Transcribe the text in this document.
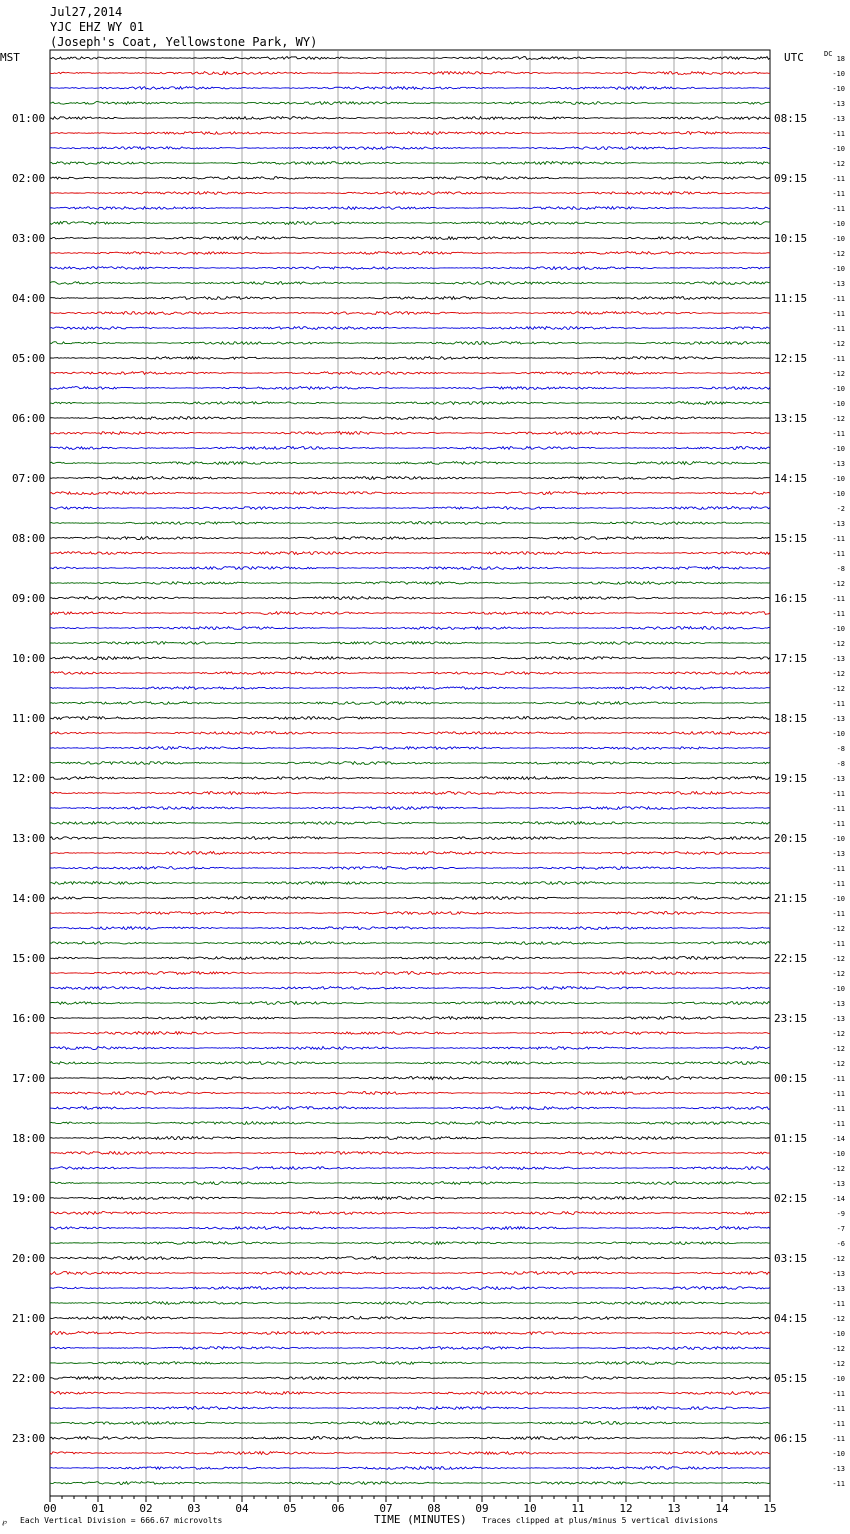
Jul27,2014
YJC EHZ WY 01
(Joseph's Coat, Yellowstone Park, WY)
MST	UTC	DC
01:00
02:00
03:00
04:00
05:00
06:00
07:00
08:00
09:00
10:00
11:00
12:00
13:00
14:00
15:00
16:00
17:00
18:00
19:00
20:00
21:00
22:00
23:00
08:15
09:15
10:15
11:15
12:15
13:15
14:15
15:15
16:15
17:15
18:15
19:15
20:15
21:15
22:15
23:15
00:15
01:15
02:15
03:15
04:15
05:15
06:15
18
-10
-10
-13
-13
-11
-10
-12
-11
-11
-11
-10
-10
-12
-10
-13
-11
-11
-11
-12
-11
-12
-10
-10
-12
-11
-10
-13
-10
-10
-2
-13
-11
-11
-8
-12
-11
-11
-10
-12
-13
-12
-12
-11
-13
-10
-8
-8
-13
-11
-11
-11
-10
-13
-11
-11
-10
-11
-12
-11
-12
-12
-10
-13
-13
-12
-12
-12
-11
-11
-11
-11
-14
-10
-12
-13
-14
-9
-7
-6
-12
-13
-13
-11
-12
-10
-12
-12
-10
-11
-11
-11
-11
-10
-13
-11
00	01	02	03	04	05	06	07	08	09	10	11	12	13	14	15
℘ Each Vertical Division = 666.67 microvolts	TIME (MINUTES) Traces clipped at plus/minus 5 vertical divisions
